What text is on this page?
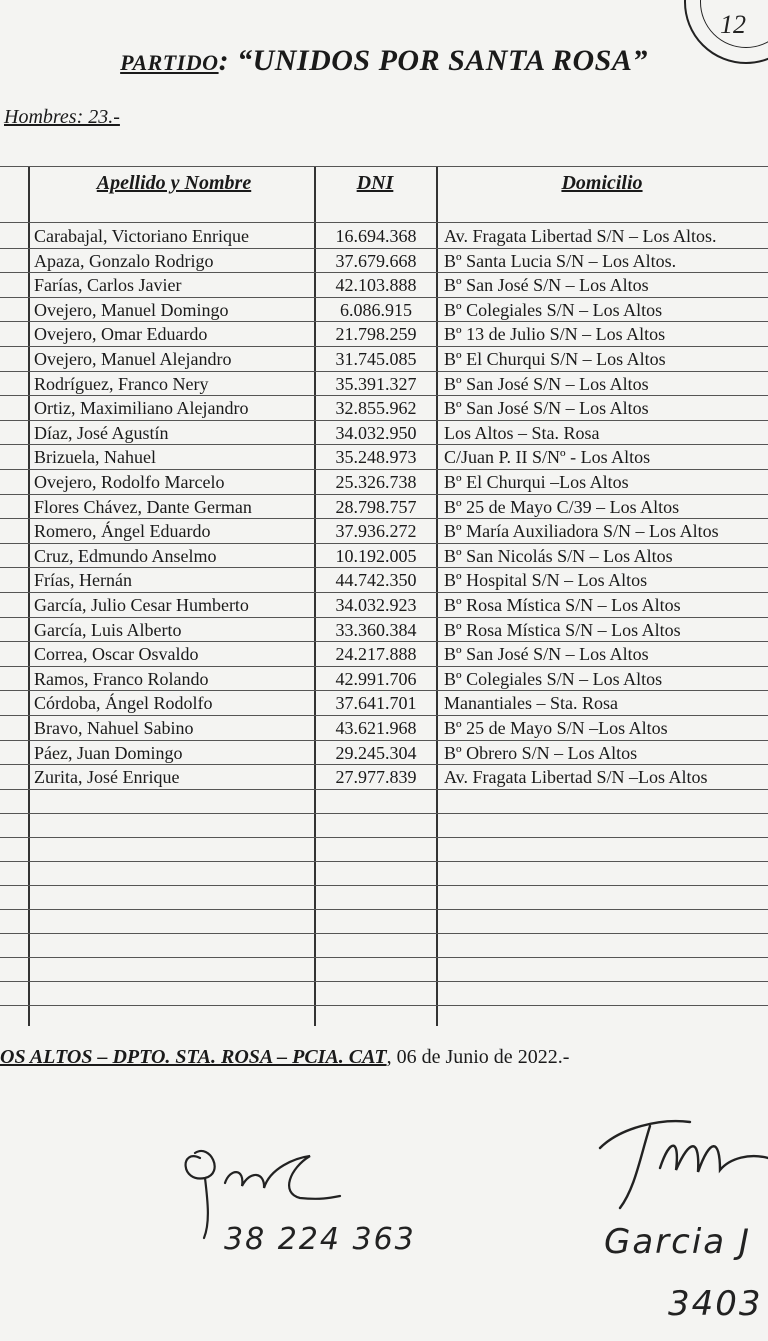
12
PARTIDO: “UNIDOS POR SANTA ROSA”
Hombres: 23.-
Apellido y Nombre	DNI	Domicilio
Carabajal, Victoriano Enrique	16.694.368	Av. Fragata Libertad S/N – Los Altos.
Apaza, Gonzalo Rodrigo	37.679.668	Bº Santa Lucia S/N – Los Altos.
Farías, Carlos Javier	42.103.888	Bº San José S/N – Los Altos
Ovejero, Manuel Domingo	6.086.915	Bº Colegiales S/N – Los Altos
Ovejero, Omar Eduardo	21.798.259	Bº 13 de Julio S/N – Los Altos
Ovejero, Manuel Alejandro	31.745.085	Bº El Churqui S/N – Los Altos
Rodríguez, Franco Nery	35.391.327	Bº San José S/N – Los Altos
Ortiz, Maximiliano Alejandro	32.855.962	Bº San José S/N – Los Altos
Díaz, José Agustín	34.032.950	Los Altos – Sta. Rosa
Brizuela, Nahuel	35.248.973	C/Juan P. II S/Nº - Los Altos
Ovejero, Rodolfo Marcelo	25.326.738	Bº El Churqui –Los Altos
Flores Chávez, Dante German	28.798.757	Bº 25 de Mayo C/39 – Los Altos
Romero, Ángel Eduardo	37.936.272	Bº María Auxiliadora S/N – Los Altos
Cruz, Edmundo Anselmo	10.192.005	Bº San Nicolás S/N – Los Altos
Frías, Hernán	44.742.350	Bº Hospital S/N – Los Altos
García, Julio Cesar Humberto	34.032.923	Bº Rosa Mística S/N – Los Altos
García, Luis Alberto	33.360.384	Bº Rosa Mística S/N – Los Altos
Correa, Oscar Osvaldo	24.217.888	Bº San José S/N – Los Altos
Ramos, Franco Rolando	42.991.706	Bº Colegiales S/N – Los Altos
Córdoba, Ángel Rodolfo	37.641.701	Manantiales – Sta. Rosa
Bravo, Nahuel Sabino	43.621.968	Bº 25 de Mayo S/N –Los Altos
Páez, Juan Domingo	29.245.304	Bº Obrero S/N – Los Altos
Zurita, José Enrique	27.977.839	Av. Fragata Libertad S/N –Los Altos
OS ALTOS – DPTO. STA. ROSA – PCIA. CAT, 06 de Junio de 2022.-
38 224 363	Garcia J
3403
